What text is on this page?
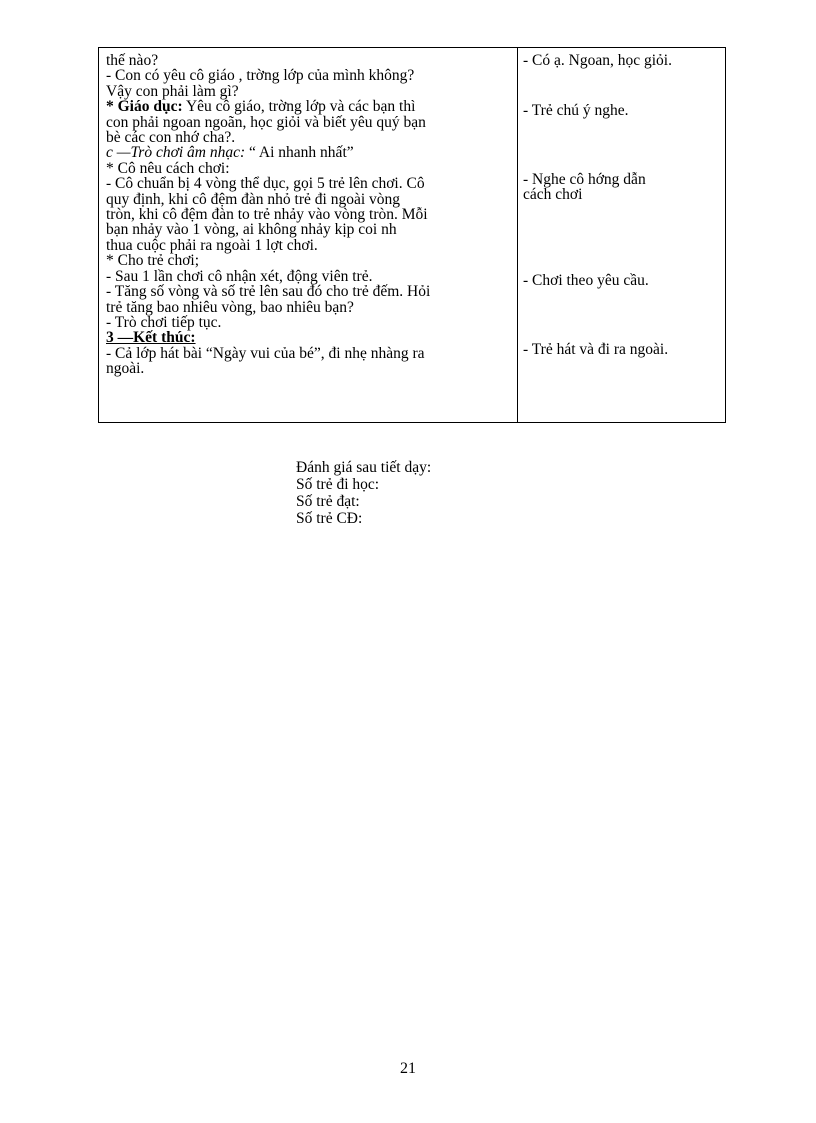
thế nào?
- Con có yêu cô giáo , trờng lớp của mình không?
Vậy con phải làm gì?
* Giáo dục: Yêu cô giáo, trờng lớp và các bạn thì
con phải ngoan ngoãn, học giỏi và biết yêu quý bạn
bè các con nhớ cha?.
c —Trò chơi âm nhạc: “ Ai nhanh nhất”
* Cô nêu cách chơi:
- Cô chuẩn bị 4 vòng thể dục, gọi 5 trẻ lên chơi. Cô
quy định, khi cô đệm đàn nhỏ trẻ đi ngoài vòng
tròn, khi cô đệm đàn to trẻ nhảy vào vòng tròn. Mỗi
bạn nhảy vào 1 vòng, ai không nhảy kịp coi nh
thua cuộc phải ra ngoài 1 lợt chơi.
* Cho trẻ chơi;
- Sau 1 lần chơi cô nhận xét, động viên trẻ.
- Tăng số vòng và số trẻ lên sau đó cho trẻ đếm. Hỏi
trẻ tăng bao nhiêu vòng, bao nhiêu bạn?
- Trò chơi tiếp tục.
3 —Kết thúc:
- Cả lớp hát bài “Ngày vui của bé”, đi nhẹ nhàng ra
ngoài.
- Có ạ. Ngoan, học giỏi.
- Trẻ chú ý nghe.
- Nghe cô hớng dẫn
cách chơi
- Chơi theo yêu cầu.
- Trẻ hát và đi ra ngoài.
Đánh giá sau tiết dạy:
Số trẻ đi học:
Số trẻ đạt:
Số trẻ CĐ:
21
